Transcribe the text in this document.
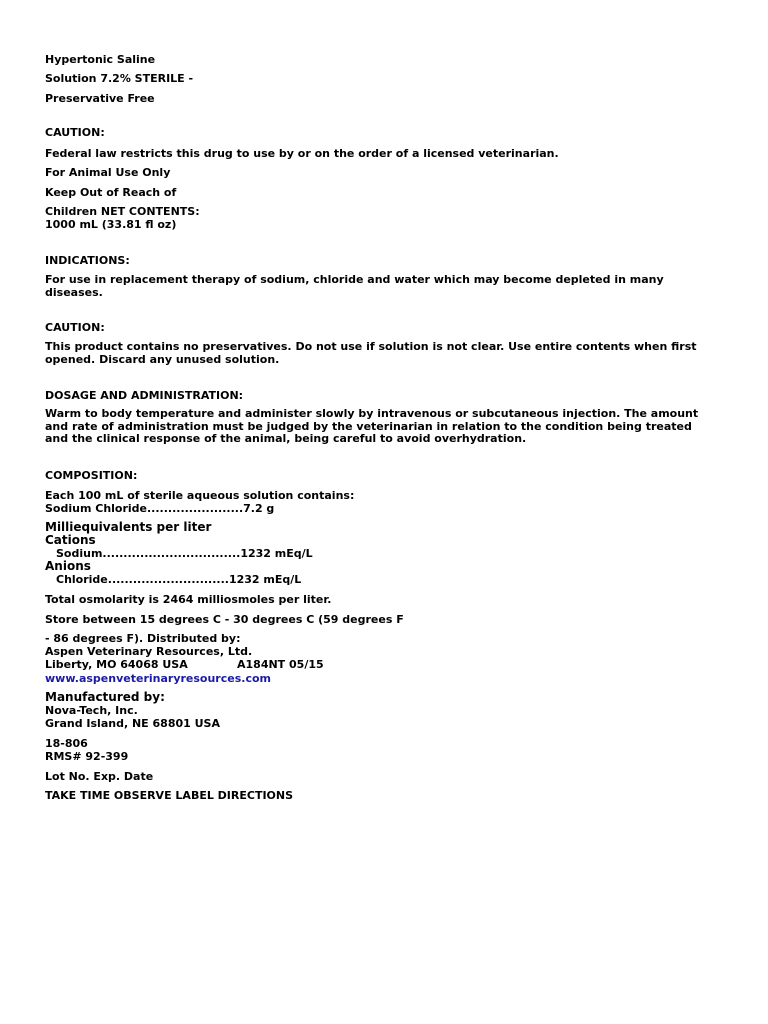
Hypertonic Saline
Solution 7.2% STERILE -
Preservative Free
CAUTION:
Federal law restricts this drug to use by or on the order of a licensed veterinarian.
For Animal Use Only
Keep Out of Reach of
Children NET CONTENTS:
1000 mL (33.81 fl oz)
INDICATIONS:
For use in replacement therapy of sodium, chloride and water which may become depleted in many diseases.
CAUTION:
This product contains no preservatives. Do not use if solution is not clear. Use entire contents when first opened. Discard any unused solution.
DOSAGE AND ADMINISTRATION:
Warm to body temperature and administer slowly by intravenous or subcutaneous injection. The amount and rate of administration must be judged by the veterinarian in relation to the condition being treated and the clinical response of the animal, being careful to avoid overhydration.
COMPOSITION:
Each 100 mL of sterile aqueous solution contains:
Sodium Chloride.......................7.2 g
Milliequivalents per liter
Cations
Sodium.................................1232 mEq/L
Anions
Chloride.............................1232 mEq/L
Total osmolarity is 2464 milliosmoles per liter.
Store between 15 degrees C - 30 degrees C (59 degrees F
- 86 degrees F). Distributed by:
Aspen Veterinary Resources, Ltd.
Liberty, MO 64068 USA	A184NT 05/15
www.aspenveterinaryresources.com
Manufactured by:
Nova-Tech, Inc.
Grand Island, NE 68801 USA
18-806
RMS# 92-399
Lot No. Exp. Date
TAKE TIME OBSERVE LABEL DIRECTIONS
